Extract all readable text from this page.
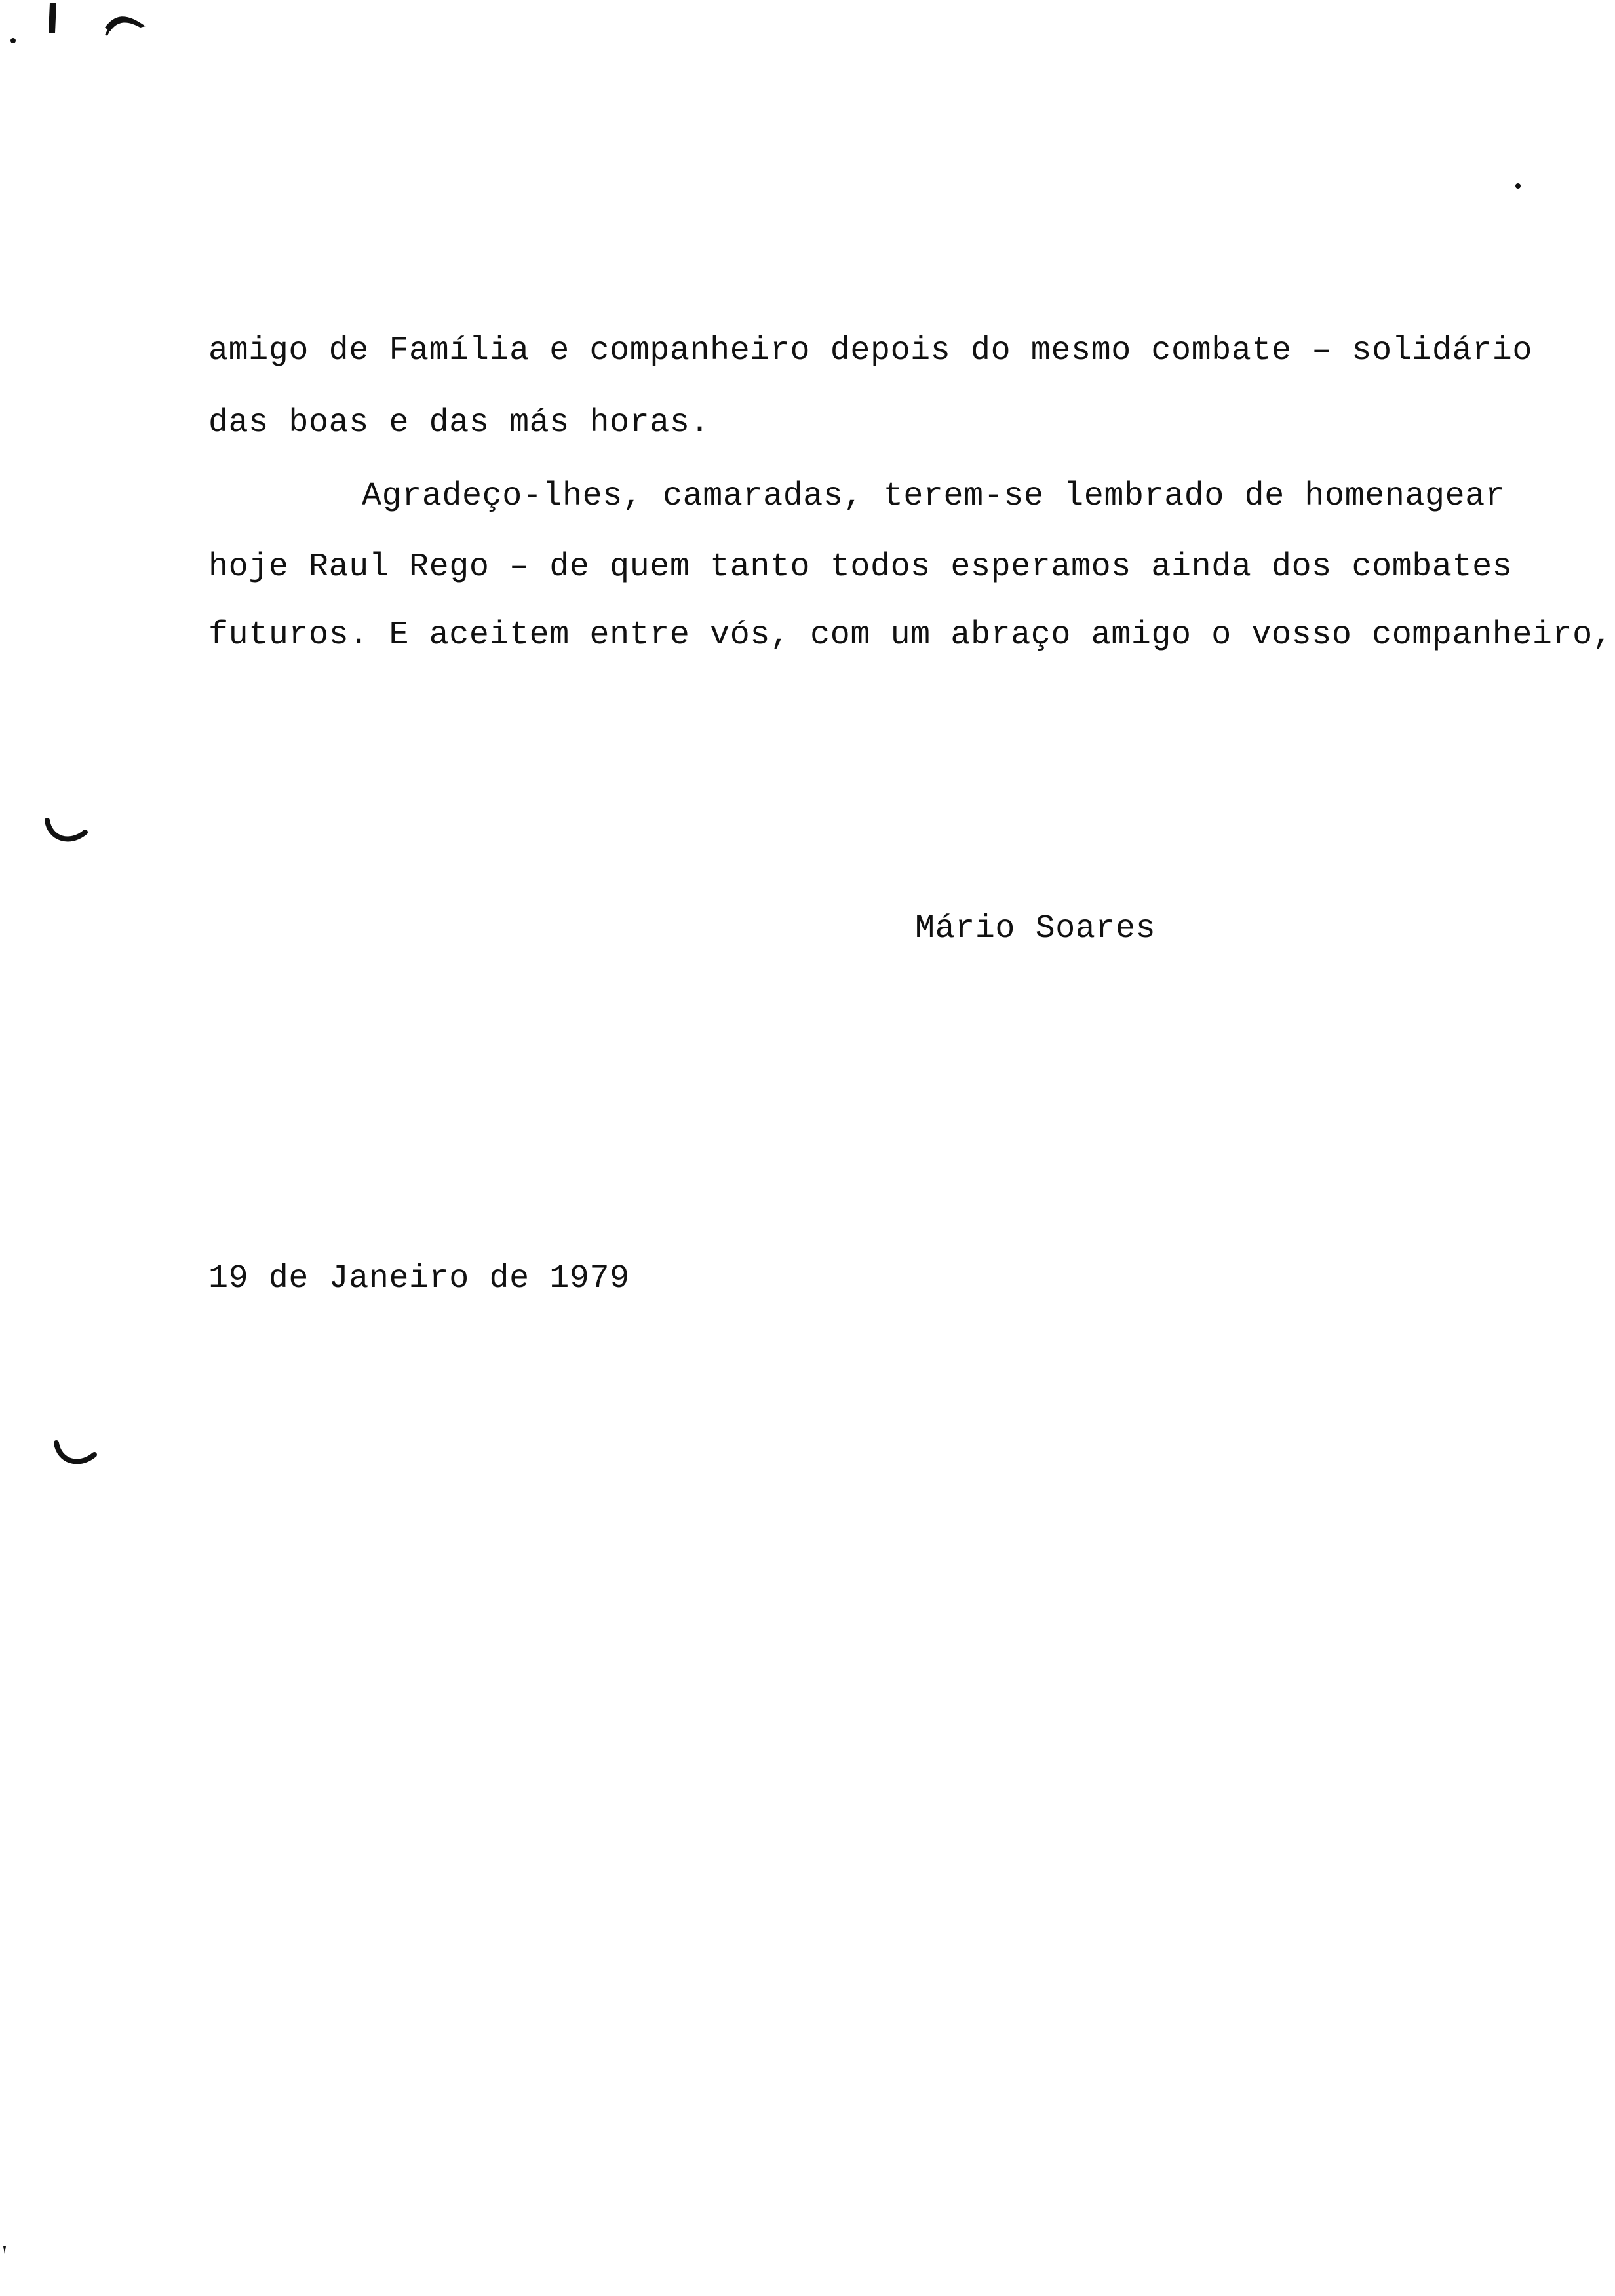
amigo de Família e companheiro depois do mesmo combate – solidário
das boas e das más horas.
Agradeço-lhes, camaradas, terem-se lembrado de homenagear
hoje Raul Rego – de quem tanto todos esperamos ainda dos combates
futuros. E aceitem entre vós, com um abraço amigo o vosso companheiro,
Mário Soares
19 de Janeiro de 1979
